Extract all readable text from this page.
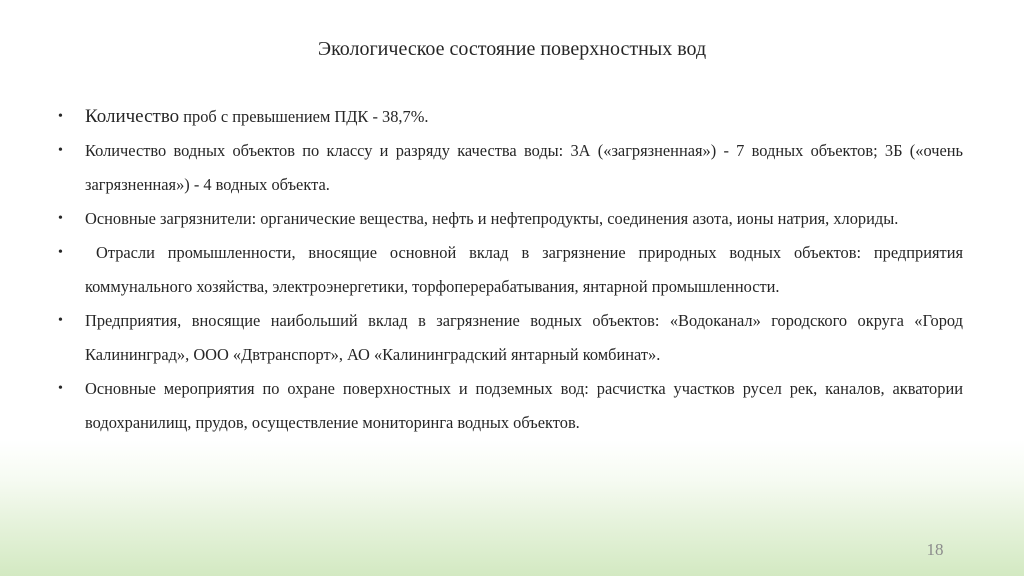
Экологическое состояние поверхностных вод
• Количество проб с превышением ПДК - 38,7%.
• Количество водных объектов по классу и разряду качества воды: 3А («загрязненная») - 7 водных объектов; 3Б («очень загрязненная») - 4 водных объекта.
• Основные загрязнители: органические вещества, нефть и нефтепродукты, соединения азота, ионы натрия, хлориды.
• Отрасли промышленности, вносящие основной вклад в загрязнение природных водных объектов: предприятия коммунального хозяйства, электроэнергетики, торфоперерабатывания, янтарной промышленности.
• Предприятия, вносящие наибольший вклад в загрязнение водных объектов: «Водоканал» городского округа «Город Калининград», ООО «Двтранспорт», АО «Калининградский янтарный комбинат».
• Основные мероприятия по охране поверхностных и подземных вод: расчистка участков русел рек, каналов, акватории водохранилищ, прудов, осуществление мониторинга водных объектов.
18
